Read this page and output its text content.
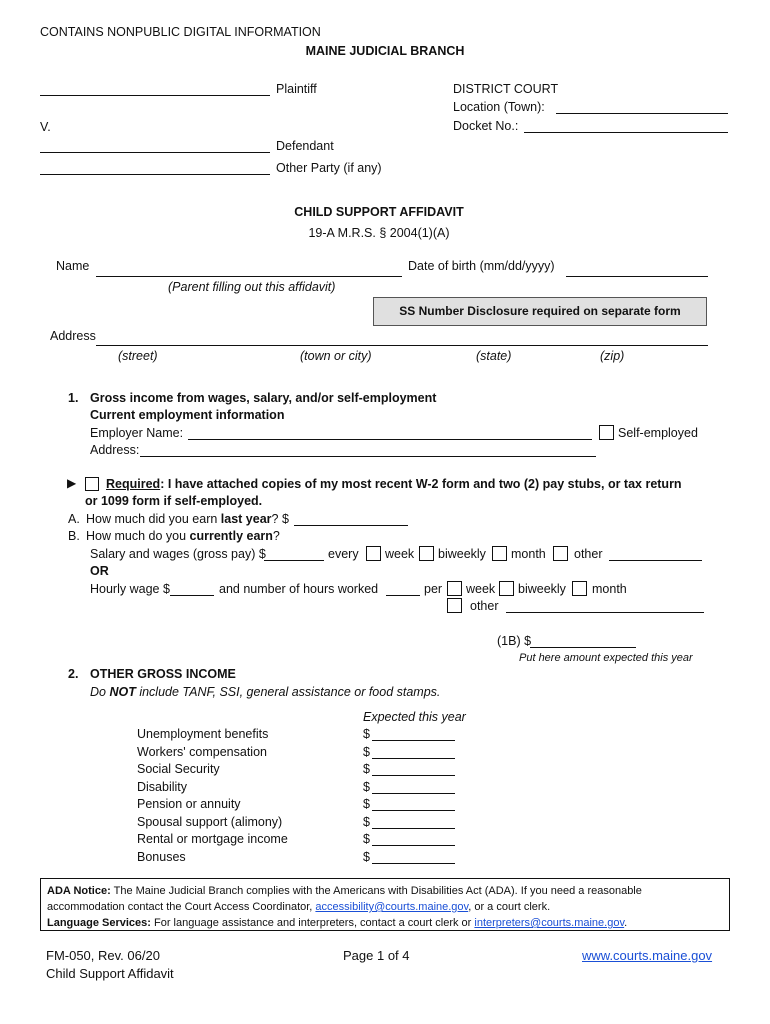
CONTAINS NONPUBLIC DIGITAL INFORMATION
MAINE JUDICIAL BRANCH
Plaintiff
V.
Defendant
Other Party (if any)
DISTRICT COURT
Location (Town):
Docket No.:
CHILD SUPPORT AFFIDAVIT
19-A M.R.S. § 2004(1)(A)
Name	Date of birth (mm/dd/yyyy)
(Parent filling out this affidavit)
SS Number Disclosure required on separate form
Address
(street)	(town or city)	(state)	(zip)
1. Gross income from wages, salary, and/or self-employment
Current employment information
Employer Name:	Self-employed
Address:
▶ Required: I have attached copies of my most recent W-2 form and two (2) pay stubs, or tax return
or 1099 form if self-employed.
A. How much did you earn last year? $
B. How much do you currently earn?
Salary and wages (gross pay) $	every week biweekly month other
OR
Hourly wage $	and number of hours worked	per week biweekly month
other
(1B) $
Put here amount expected this year
2. OTHER GROSS INCOME
Do NOT include TANF, SSI, general assistance or food stamps.
Expected this year
Unemployment benefits	$
Workers' compensation	$
Social Security	$
Disability	$
Pension or annuity	$
Spousal support (alimony)	$
Rental or mortgage income	$
Bonuses	$
ADA Notice: The Maine Judicial Branch complies with the Americans with Disabilities Act (ADA). If you need a reasonable
accommodation contact the Court Access Coordinator, accessibility@courts.maine.gov, or a court clerk.
Language Services: For language assistance and interpreters, contact a court clerk or interpreters@courts.maine.gov.
FM-050, Rev. 06/20
Child Support Affidavit
Page 1 of 4	www.courts.maine.gov
